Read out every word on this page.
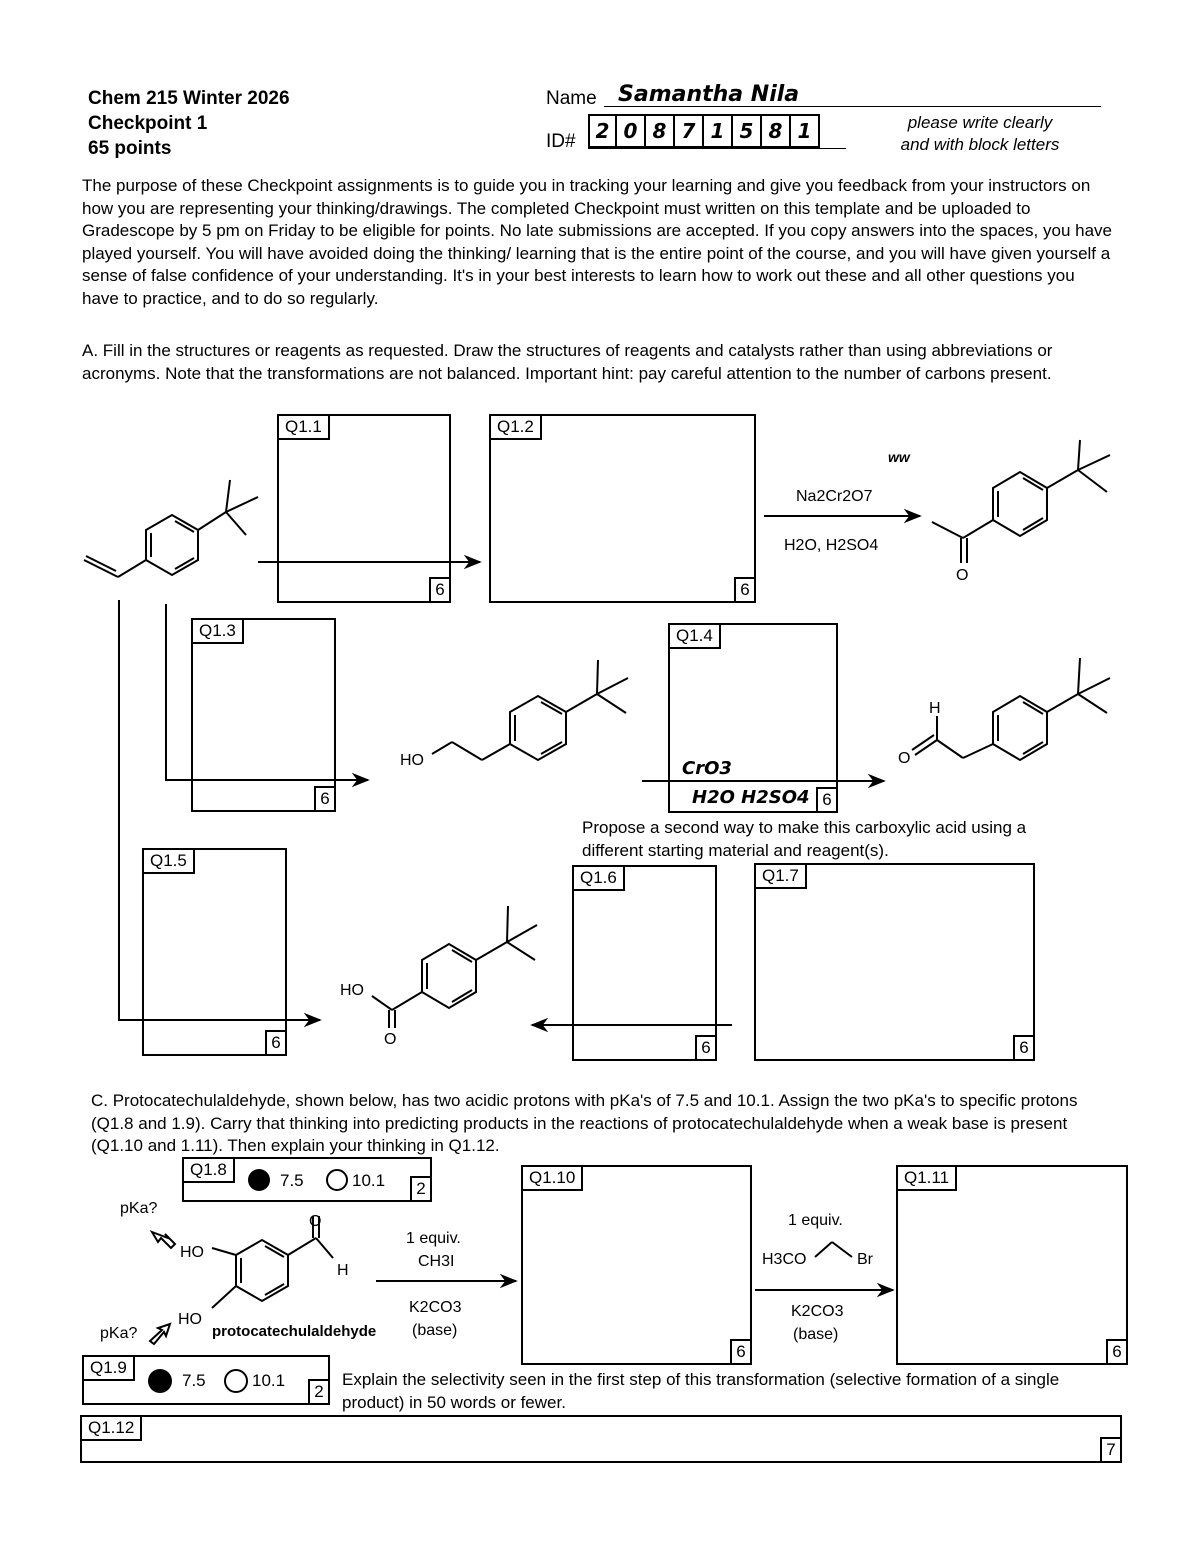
Chem 215 Winter 2026
Checkpoint 1
65 points
Name Samantha Nila
ID# 2 0 8 7 1 5 8 1	please write clearly
and with block letters
The purpose of these Checkpoint assignments is to guide you in tracking your learning and give you feedback from your instructors on how you are representing your thinking/drawings. The completed Checkpoint must written on this template and be uploaded to Gradescope by 5 pm on Friday to be eligible for points. No late submissions are accepted. If you copy answers into the spaces, you have played yourself. You will have avoided doing the thinking/ learning that is the entire point of the course, and you will have given yourself a sense of false confidence of your understanding. It's in your best interests to learn how to work out these and all other questions you have to practice, and to do so regularly.
A. Fill in the structures or reagents as requested. Draw the structures of reagents and catalysts rather than using abbreviations or acronyms. Note that the transformations are not balanced. Important hint: pay careful attention to the number of carbons present.
Q1.1
6
Q1.2
6
Q1.3
6
Q1.4
6
CrO3
H2O H2SO4
Q1.5
6
Q1.6
6
Q1.7
6
Q1.10
6
Q1.11
6
Q1.12
7
ww
O
HO
H
O
HO
O
O
H
HO
HO
Na2Cr2O7
H2O, H2SO4
Propose a second way to make this carboxylic acid using a different starting material and reagent(s).
C. Protocatechulaldehyde, shown below, has two acidic protons with pKa's of 7.5 and 10.1. Assign the two pKa's to specific protons (Q1.8 and 1.9). Carry that thinking into predicting products in the reactions of protocatechulaldehyde when a weak base is present (Q1.10 and 1.11). Then explain your thinking in Q1.12.
Q1.8
7.5	10.1	2
Q1.9
7.5	10.1
2
pKa?
pKa?	protocatechulaldehyde
1 equiv.
CH3I
K2CO3
(base)
1 equiv.
H3CO	Br
K2CO3
(base)
Explain the selectivity seen in the first step of this transformation (selective formation of a single product) in 50 words or fewer.
